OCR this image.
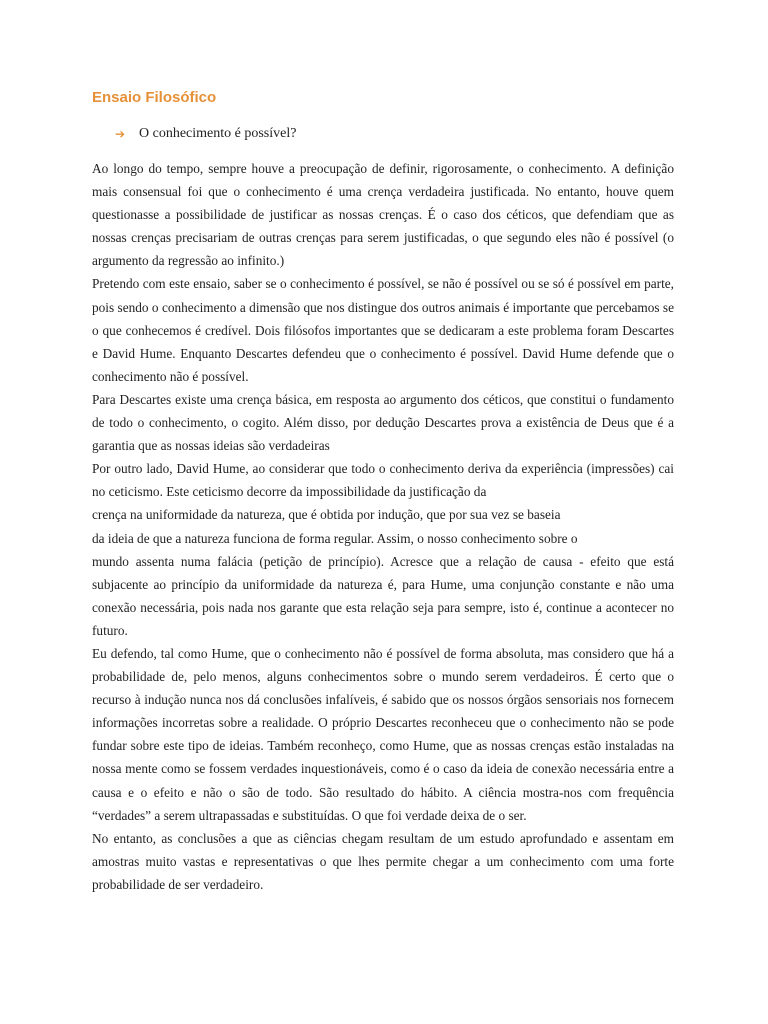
Ensaio Filosófico
➔ O conhecimento é possível?

Ao longo do tempo, sempre houve a preocupação de definir, rigorosamente, o conhecimento. A definição mais consensual foi que o conhecimento é uma crença verdadeira justificada. No entanto, houve quem questionasse a possibilidade de justificar as nossas crenças. É o caso dos céticos, que defendiam que as nossas crenças precisariam de outras crenças para serem justificadas, o que segundo eles não é possível (o argumento da regressão ao infinito.)

Pretendo com este ensaio, saber se o conhecimento é possível, se não é possível ou se só é possível em parte, pois sendo o conhecimento a dimensão que nos distingue dos outros animais é importante que percebamos se o que conhecemos é credível. Dois filósofos importantes que se dedicaram a este problema foram Descartes e David Hume. Enquanto Descartes defendeu que o conhecimento é possível. David Hume defende que o conhecimento não é possível.

Para Descartes existe uma crença básica, em resposta ao argumento dos céticos, que constitui o fundamento de todo o conhecimento, o cogito. Além disso, por dedução Descartes prova a existência de Deus que é a garantia que as nossas ideias são verdadeiras

Por outro lado, David Hume, ao considerar que todo o conhecimento deriva da experiência (impressões) cai no ceticismo. Este ceticismo decorre da impossibilidade da justificação da

crença na uniformidade da natureza, que é obtida por indução, que por sua vez se baseia

da ideia de que a natureza funciona de forma regular. Assim, o nosso conhecimento sobre o

mundo assenta numa falácia (petição de princípio). Acresce que a relação de causa - efeito que está subjacente ao princípio da uniformidade da natureza é, para Hume, uma conjunção constante e não uma conexão necessária, pois nada nos garante que esta relação seja para sempre, isto é, continue a acontecer no futuro.

Eu defendo, tal como Hume, que o conhecimento não é possível de forma absoluta, mas considero que há a probabilidade de, pelo menos, alguns conhecimentos sobre o mundo serem verdadeiros. É certo que o recurso à indução nunca nos dá conclusões infalíveis, é sabido que os nossos órgãos sensoriais nos fornecem informações incorretas sobre a realidade. O próprio Descartes reconheceu que o conhecimento não se pode fundar sobre este tipo de ideias. Também reconheço, como Hume, que as nossas crenças estão instaladas na nossa mente como se fossem verdades inquestionáveis, como é o caso da ideia de conexão necessária entre a causa e o efeito e não o são de todo. São resultado do hábito. A ciência mostra-nos com frequência “verdades” a serem ultrapassadas e substituídas. O que foi verdade deixa de o ser.

No entanto, as conclusões a que as ciências chegam resultam de um estudo aprofundado e assentam em amostras muito vastas e representativas o que lhes permite chegar a um conhecimento com uma forte probabilidade de ser verdadeiro.
